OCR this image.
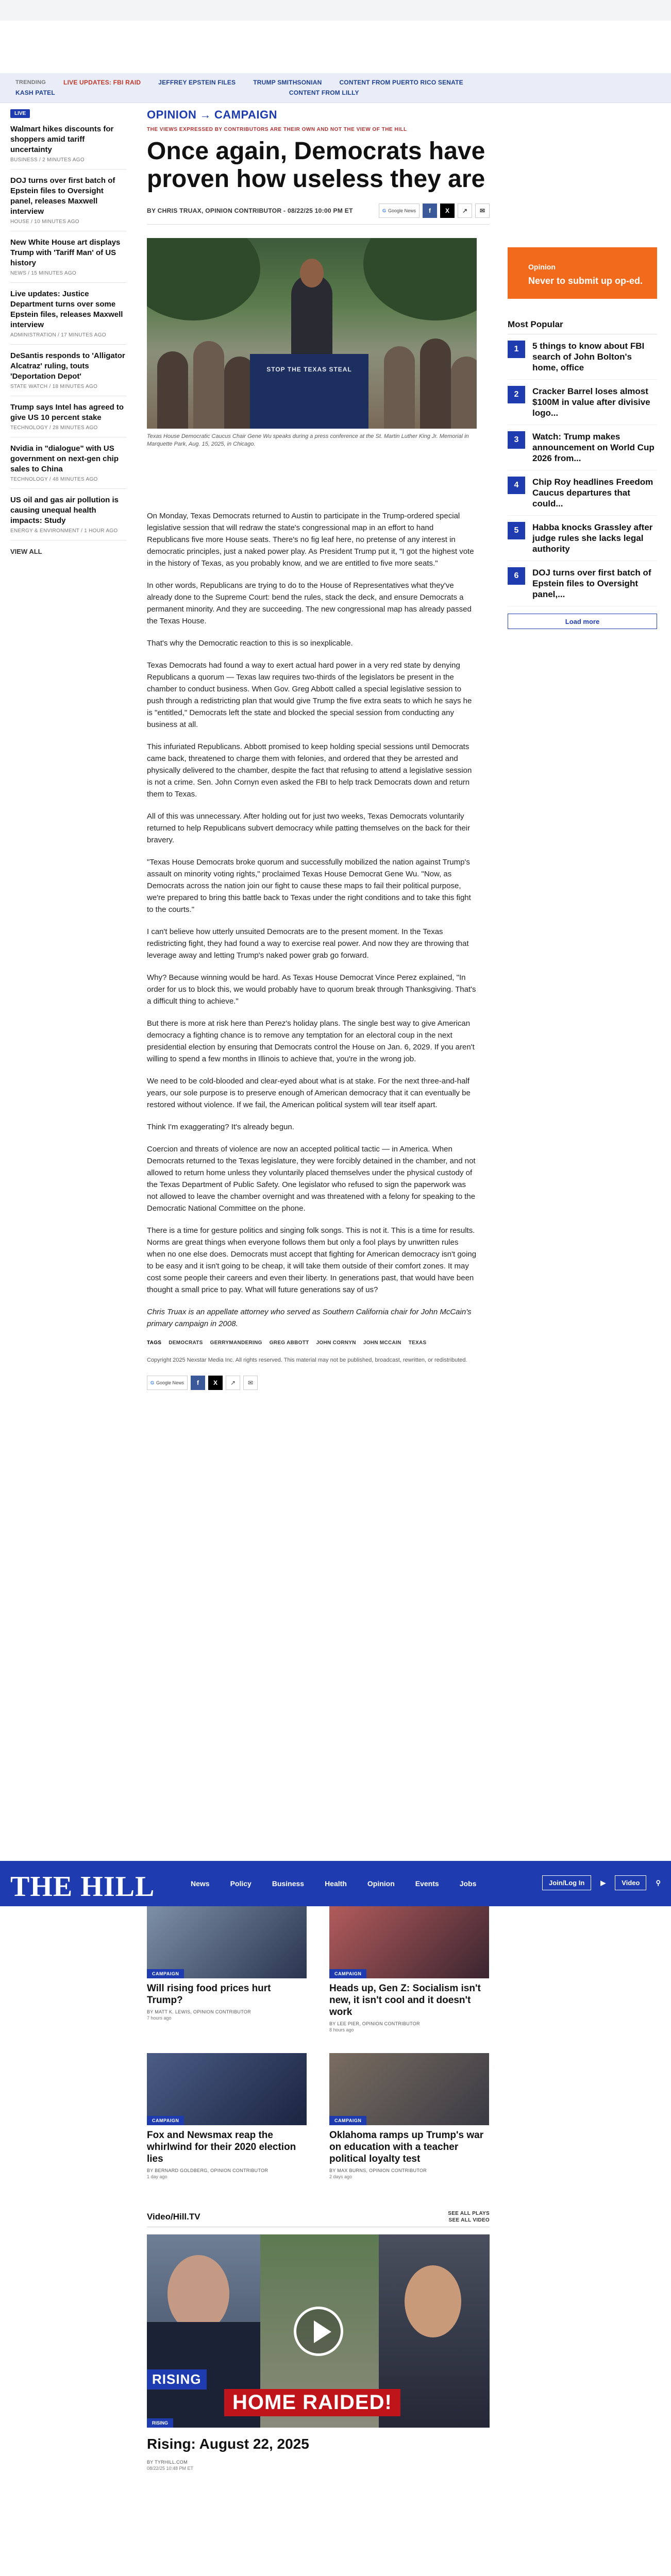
TRENDING	LIVE UPDATES: FBI RAID	JEFFREY EPSTEIN FILES	TRUMP SMITHSONIAN	CONTENT FROM PUERTO RICO SENATE
KASH PATEL	CONTENT FROM LILLY
LIVE
Walmart hikes discounts for shoppers amid tariff uncertainty
BUSINESS / 2 MINUTES AGO
DOJ turns over first batch of Epstein files to Oversight panel, releases Maxwell interview
HOUSE / 10 MINUTES AGO
New White House art displays Trump with 'Tariff Man' of US history
NEWS / 15 MINUTES AGO
Live updates: Justice Department turns over some Epstein files, releases Maxwell interview
ADMINISTRATION / 17 MINUTES AGO
DeSantis responds to 'Alligator Alcatraz' ruling, touts 'Deportation Depot'
STATE WATCH / 18 MINUTES AGO
Trump says Intel has agreed to give US 10 percent stake
TECHNOLOGY / 28 MINUTES AGO
Nvidia in "dialogue" with US government on next-gen chip sales to China
TECHNOLOGY / 48 MINUTES AGO
US oil and gas air pollution is causing unequal health impacts: Study
ENERGY & ENVIRONMENT / 1 HOUR AGO
VIEW ALL
OPINION → CAMPAIGN
THE VIEWS EXPRESSED BY CONTRIBUTORS ARE THEIR OWN AND NOT THE VIEW OF THE HILL
Once again, Democrats have proven how useless they are
BY CHRIS TRUAX, OPINION CONTRIBUTOR - 08/22/25 10:00 PM ET	G Google News	f	X	↗	✉
STOP THE TEXAS STEAL
Texas House Democratic Caucus Chair Gene Wu speaks during a press conference at the St. Martin Luther King Jr. Memorial in Marquette Park, Aug. 15, 2025, in Chicago.

On Monday, Texas Democrats returned to Austin to participate in the Trump-ordered special legislative session that will redraw the state's congressional map in an effort to hand Republicans five more House seats. There's no fig leaf here, no pretense of any interest in democratic principles, just a naked power play. As President Trump put it, "I got the highest vote in the history of Texas, as you probably know, and we are entitled to five more seats."

In other words, Republicans are trying to do to the House of Representatives what they've already done to the Supreme Court: bend the rules, stack the deck, and ensure Democrats a permanent minority. And they are succeeding. The new congressional map has already passed the Texas House.

That's why the Democratic reaction to this is so inexplicable.

Texas Democrats had found a way to exert actual hard power in a very red state by denying Republicans a quorum — Texas law requires two-thirds of the legislators be present in the chamber to conduct business. When Gov. Greg Abbott called a special legislative session to push through a redistricting plan that would give Trump the five extra seats to which he says he is "entitled," Democrats left the state and blocked the special session from conducting any business at all.

This infuriated Republicans. Abbott promised to keep holding special sessions until Democrats came back, threatened to charge them with felonies, and ordered that they be arrested and physically delivered to the chamber, despite the fact that refusing to attend a legislative session is not a crime. Sen. John Cornyn even asked the FBI to help track Democrats down and return them to Texas.

All of this was unnecessary. After holding out for just two weeks, Texas Democrats voluntarily returned to help Republicans subvert democracy while patting themselves on the back for their bravery.

"Texas House Democrats broke quorum and successfully mobilized the nation against Trump's assault on minority voting rights," proclaimed Texas House Democrat Gene Wu. "Now, as Democrats across the nation join our fight to cause these maps to fail their political purpose, we're prepared to bring this battle back to Texas under the right conditions and to take this fight to the courts."

I can't believe how utterly unsuited Democrats are to the present moment. In the Texas redistricting fight, they had found a way to exercise real power. And now they are throwing that leverage away and letting Trump's naked power grab go forward.

Why? Because winning would be hard. As Texas House Democrat Vince Perez explained, "In order for us to block this, we would probably have to quorum break through Thanksgiving. That's a difficult thing to achieve."

But there is more at risk here than Perez's holiday plans. The single best way to give American democracy a fighting chance is to remove any temptation for an electoral coup in the next presidential election by ensuring that Democrats control the House on Jan. 6, 2029. If you aren't willing to spend a few months in Illinois to achieve that, you're in the wrong job.

We need to be cold-blooded and clear-eyed about what is at stake. For the next three-and-half years, our sole purpose is to preserve enough of American democracy that it can eventually be restored without violence. If we fail, the American political system will tear itself apart.

Think I'm exaggerating? It's already begun.

Coercion and threats of violence are now an accepted political tactic — in America. When Democrats returned to the Texas legislature, they were forcibly detained in the chamber, and not allowed to return home unless they voluntarily placed themselves under the physical custody of the Texas Department of Public Safety. One legislator who refused to sign the paperwork was not allowed to leave the chamber overnight and was threatened with a felony for speaking to the Democratic National Committee on the phone.

There is a time for gesture politics and singing folk songs. This is not it. This is a time for results. Norms are great things when everyone follows them but only a fool plays by unwritten rules when no one else does. Democrats must accept that fighting for American democracy isn't going to be easy and it isn't going to be cheap, it will take them outside of their comfort zones. It may cost some people their careers and even their liberty. In generations past, that would have been thought a small price to pay. What will future generations say of us?

Chris Truax is an appellate attorney who served as Southern California chair for John McCain's primary campaign in 2008.

TAGS DEMOCRATS GERRYMANDERING GREG ABBOTT JOHN CORNYN JOHN MCCAIN TEXAS
Copyright 2025 Nexstar Media Inc. All rights reserved. This material may not be published, broadcast, rewritten, or redistributed.
G Google News	f	X	↗	✉
Opinion
Never to submit up op-ed.
Most Popular
1	5 things to know about FBI search of John Bolton's home, office
2	Cracker Barrel loses almost $100M in value after divisive logo...
3	Watch: Trump makes announcement on World Cup 2026 from...
4	Chip Roy headlines Freedom Caucus departures that could...
5	Habba knocks Grassley after judge rules she lacks legal authority
6	DOJ turns over first batch of Epstein files to Oversight panel,...
Load more
THE HILL	News	Policy	Business	Health	Opinion	Events	Jobs	Join/Log In	▶	Video	⚲
CAMPAIGN
Will rising food prices hurt Trump?
BY MATT K. LEWIS, OPINION CONTRIBUTOR
7 hours ago
CAMPAIGN
Heads up, Gen Z: Socialism isn't new, it isn't cool and it doesn't work
BY LEE PIER, OPINION CONTRIBUTOR
8 hours ago
CAMPAIGN
Fox and Newsmax reap the whirlwind for their 2020 election lies
BY BERNARD GOLDBERG, OPINION CONTRIBUTOR
1 day ago
CAMPAIGN
Oklahoma ramps up Trump's war on education with a teacher political loyalty test
BY MAX BURNS, OPINION CONTRIBUTOR
2 days ago
Video/Hill.TV	SEE ALL PLAYS
SEE ALL VIDEO
RISING
HOME RAIDED!
RISING
Rising: August 22, 2025
BY TYRHILL.COM
08/22/25 10:48 PM ET
